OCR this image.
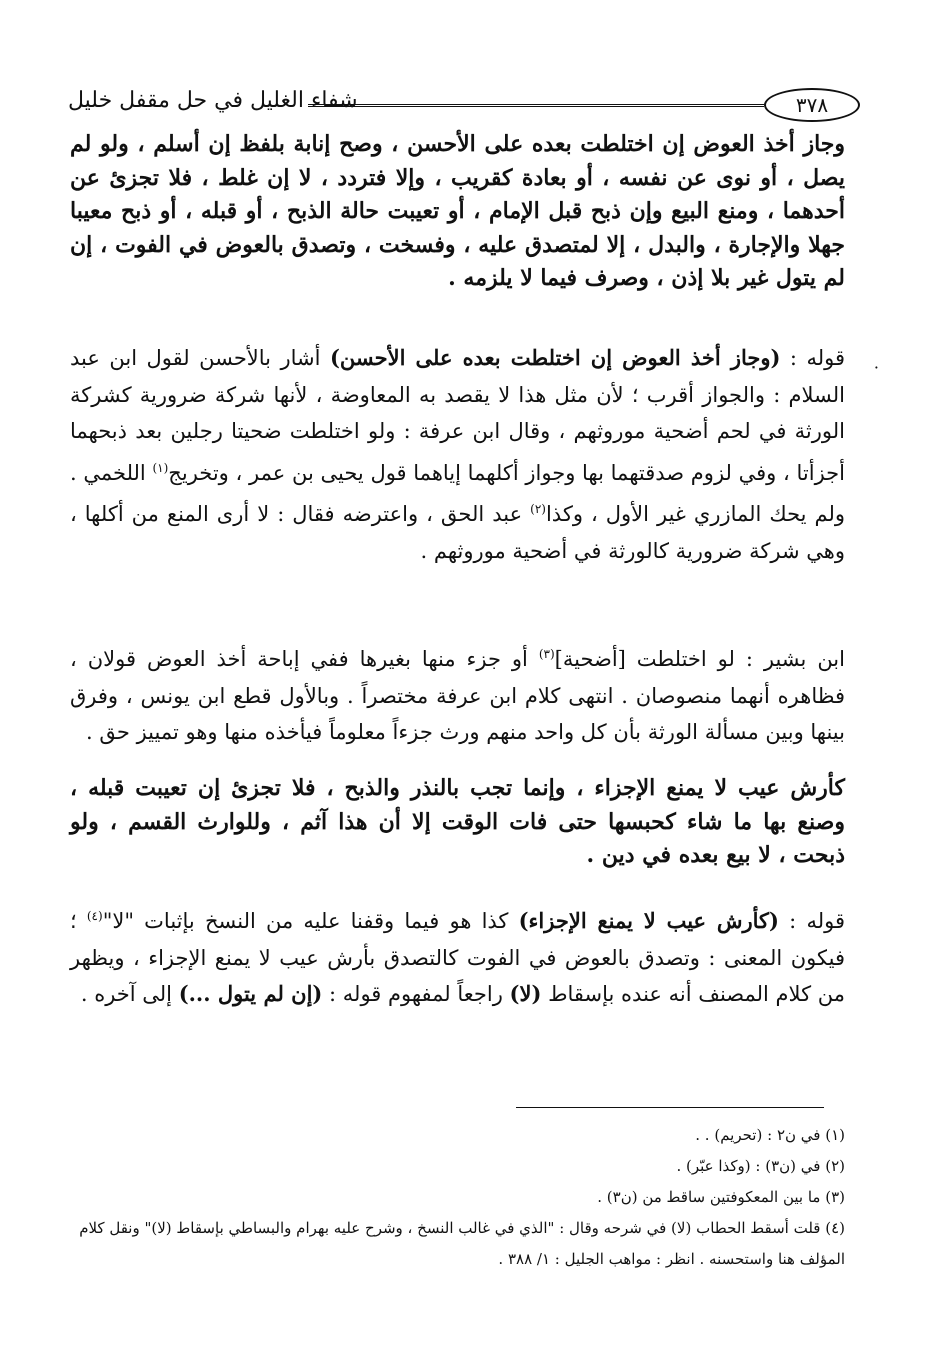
٣٧٨
شفاء الغليل في حل مقفل خليل

وجاز أخذ العوض إن اختلطت بعده على الأحسن ، وصح إنابة بلفظ إن أسلم ، ولو لم يصل ، أو نوى عن نفسه ، أو بعادة كقريب ، وإلا فتردد ، لا إن غلط ، فلا تجزئ عن أحدهما ، ومنع البيع وإن ذبح قبل الإمام ، أو تعيبت حالة الذبح ، أو قبله ، أو ذبح معيبا جهلا والإجارة ، والبدل ، إلا لمتصدق عليه ، وفسخت ، وتصدق بالعوض في الفوت ، إن لم يتول غير بلا إذن ، وصرف فيما لا يلزمه .

·

قوله : (وجاز أخذ العوض إن اختلطت بعده على الأحسن) أشار بالأحسن لقول ابن عبد السلام : والجواز أقرب ؛ لأن مثل هذا لا يقصد به المعاوضة ، لأنها شركة ضرورية كشركة الورثة في لحم أضحية موروثهم ، وقال ابن عرفة : ولو اختلطت ضحيتا رجلين بعد ذبحهما أجزأتا ، وفي لزوم صدقتهما بها وجواز أكلهما إياهما قول يحيى بن عمر ، وتخريج$^{(١)}$ اللخمي . ولم يحك المازري غير الأول ، وكذا$^{(٢)}$ عبد الحق ، واعترضه فقال : لا أرى المنع من أكلها ، وهي شركة ضرورية كالورثة في أضحية موروثهم .

ابن بشير : لو اختلطت [أضحية]$^{(٣)}$ أو جزء منها بغيرها ففي إباحة أخذ العوض قولان ، فظاهره أنهما منصوصان . انتهى كلام ابن عرفة مختصراً . وبالأول قطع ابن يونس ، وفرق بينها وبين مسألة الورثة بأن كل واحد منهم ورث جزءاً معلوماً فيأخذه منها وهو تمييز حق .

كأرش عيب لا يمنع الإجزاء ، وإنما تجب بالنذر والذبح ، فلا تجزئ إن تعيبت قبله ، وصنع بها ما شاء كحبسها حتى فات الوقت إلا أن هذا آثم ، وللوارث القسم ، ولو ذبحت ، لا بيع بعده في دين .

قوله : (كأرش عيب لا يمنع الإجزاء) كذا هو فيما وقفنا عليه من النسخ بإثبات "لا"$^{(٤)}$ ؛ فيكون المعنى : وتصدق بالعوض في الفوت كالتصدق بأرش عيب لا يمنع الإجزاء ، ويظهر من كلام المصنف أنه عنده بإسقاط (لا) راجعاً لمفهوم قوله : (إن لم يتول ...) إلى آخره .

(١) في ن٢ : (تحريم) . .

(٢) في (ن٣) : (وكذا عبّر) .

(٣) ما بين المعكوفتين ساقط من (ن٣) .

(٤) قلت أسقط الحطاب (لا) في شرحه وقال : "الذي في غالب النسخ ، وشرح عليه بهرام والبساطي بإسقاط (لا)" ونقل كلام المؤلف هنا واستحسنه . انظر : مواهب الجليل : ١/ ٣٨٨ .
